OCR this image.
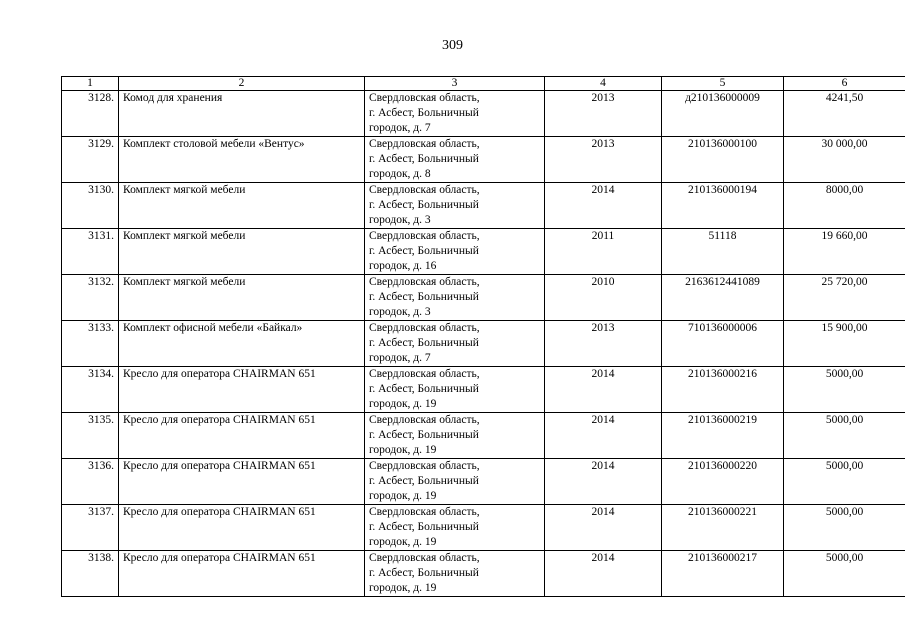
309
1	2	3	4	5	6
3128.	Комод для хранения	Свердловская область,
г. Асбест, Больничный
городок, д. 7	2013	д210136000009	4241,50
3129.	Комплект столовой мебели «Вентус»	Свердловская область,
г. Асбест, Больничный
городок, д. 8	2013	210136000100	30 000,00
3130.	Комплект мягкой мебели	Свердловская область,
г. Асбест, Больничный
городок, д. 3	2014	210136000194	8000,00
3131.	Комплект мягкой мебели	Свердловская область,
г. Асбест, Больничный
городок, д. 16	2011	51118	19 660,00
3132.	Комплект мягкой мебели	Свердловская область,
г. Асбест, Больничный
городок, д. 3	2010	2163612441089	25 720,00
3133.	Комплект офисной мебели «Байкал»	Свердловская область,
г. Асбест, Больничный
городок, д. 7	2013	710136000006	15 900,00
3134.	Кресло для оператора CHAIRMAN 651	Свердловская область,
г. Асбест, Больничный
городок, д. 19	2014	210136000216	5000,00
3135.	Кресло для оператора CHAIRMAN 651	Свердловская область,
г. Асбест, Больничный
городок, д. 19	2014	210136000219	5000,00
3136.	Кресло для оператора CHAIRMAN 651	Свердловская область,
г. Асбест, Больничный
городок, д. 19	2014	210136000220	5000,00
3137.	Кресло для оператора CHAIRMAN 651	Свердловская область,
г. Асбест, Больничный
городок, д. 19	2014	210136000221	5000,00
3138.	Кресло для оператора CHAIRMAN 651	Свердловская область,
г. Асбест, Больничный
городок, д. 19	2014	210136000217	5000,00
